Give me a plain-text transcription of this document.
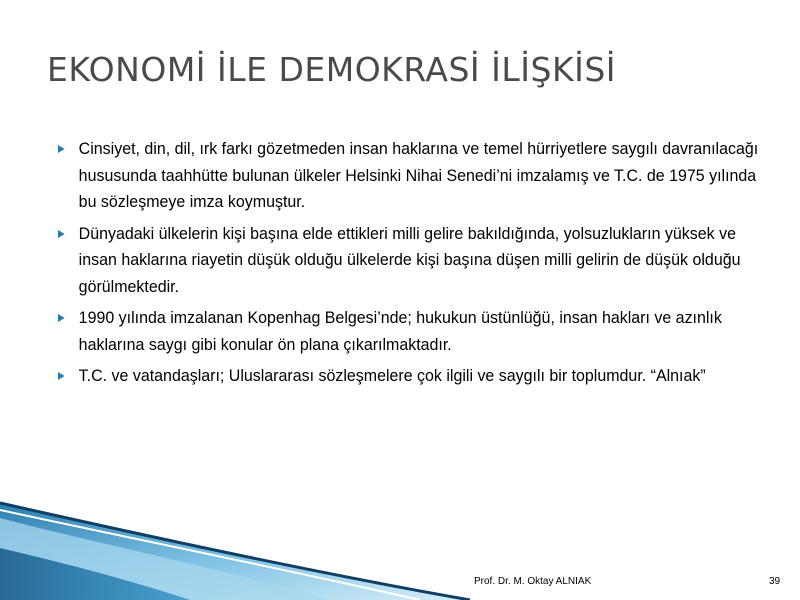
EKONOMİ İLE DEMOKRASİ İLİŞKİSİ
Cinsiyet, din, dil, ırk farkı gözetmeden insan haklarına ve temel hürriyetlere saygılı davranılacağı hususunda taahhütte bulunan ülkeler Helsinki Nihai Senedi’ni imzalamış ve T.C. de 1975 yılında bu sözleşmeye imza koymuştur.
Dünyadaki ülkelerin kişi başına elde ettikleri milli gelire bakıldığında, yolsuzlukların yüksek ve insan haklarına riayetin düşük olduğu ülkelerde kişi başına düşen milli gelirin de düşük olduğu görülmektedir.
1990 yılında imzalanan Kopenhag Belgesi’nde; hukukun üstünlüğü, insan hakları ve azınlık haklarına saygı gibi konular ön plana çıkarılmaktadır.
T.C. ve vatandaşları; Uluslararası sözleşmelere çok ilgili ve saygılı bir toplumdur. “Alnıak”
Prof. Dr. M. Oktay ALNIAK	39
